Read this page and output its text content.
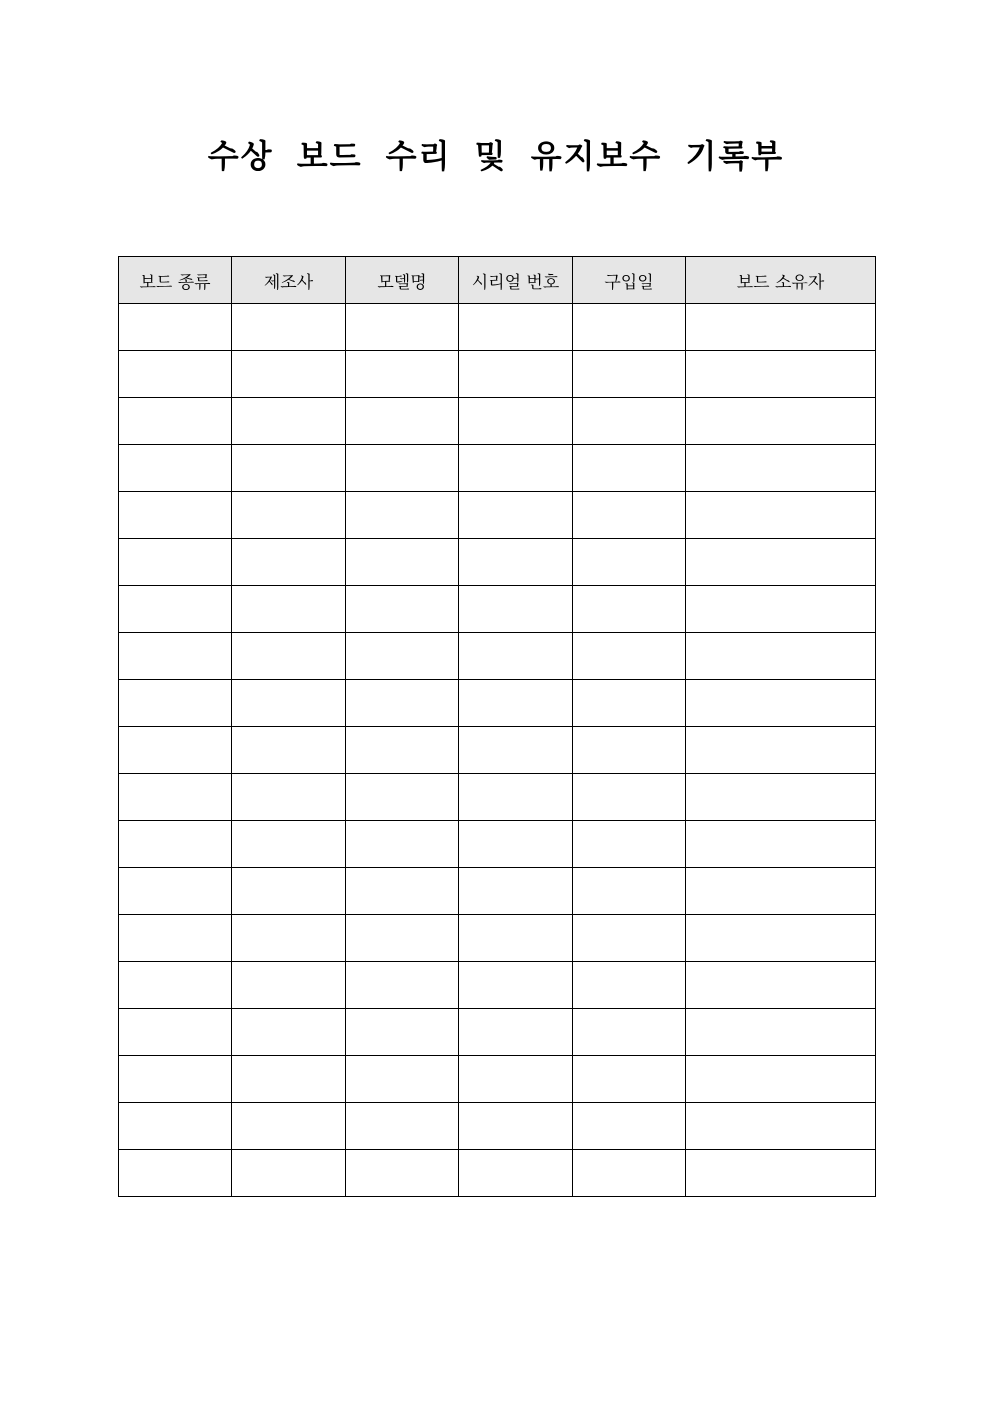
수상 보드 수리 및 유지보수 기록부
보드 종류	제조사	모델명	시리얼 번호	구입일	보드 소유자
